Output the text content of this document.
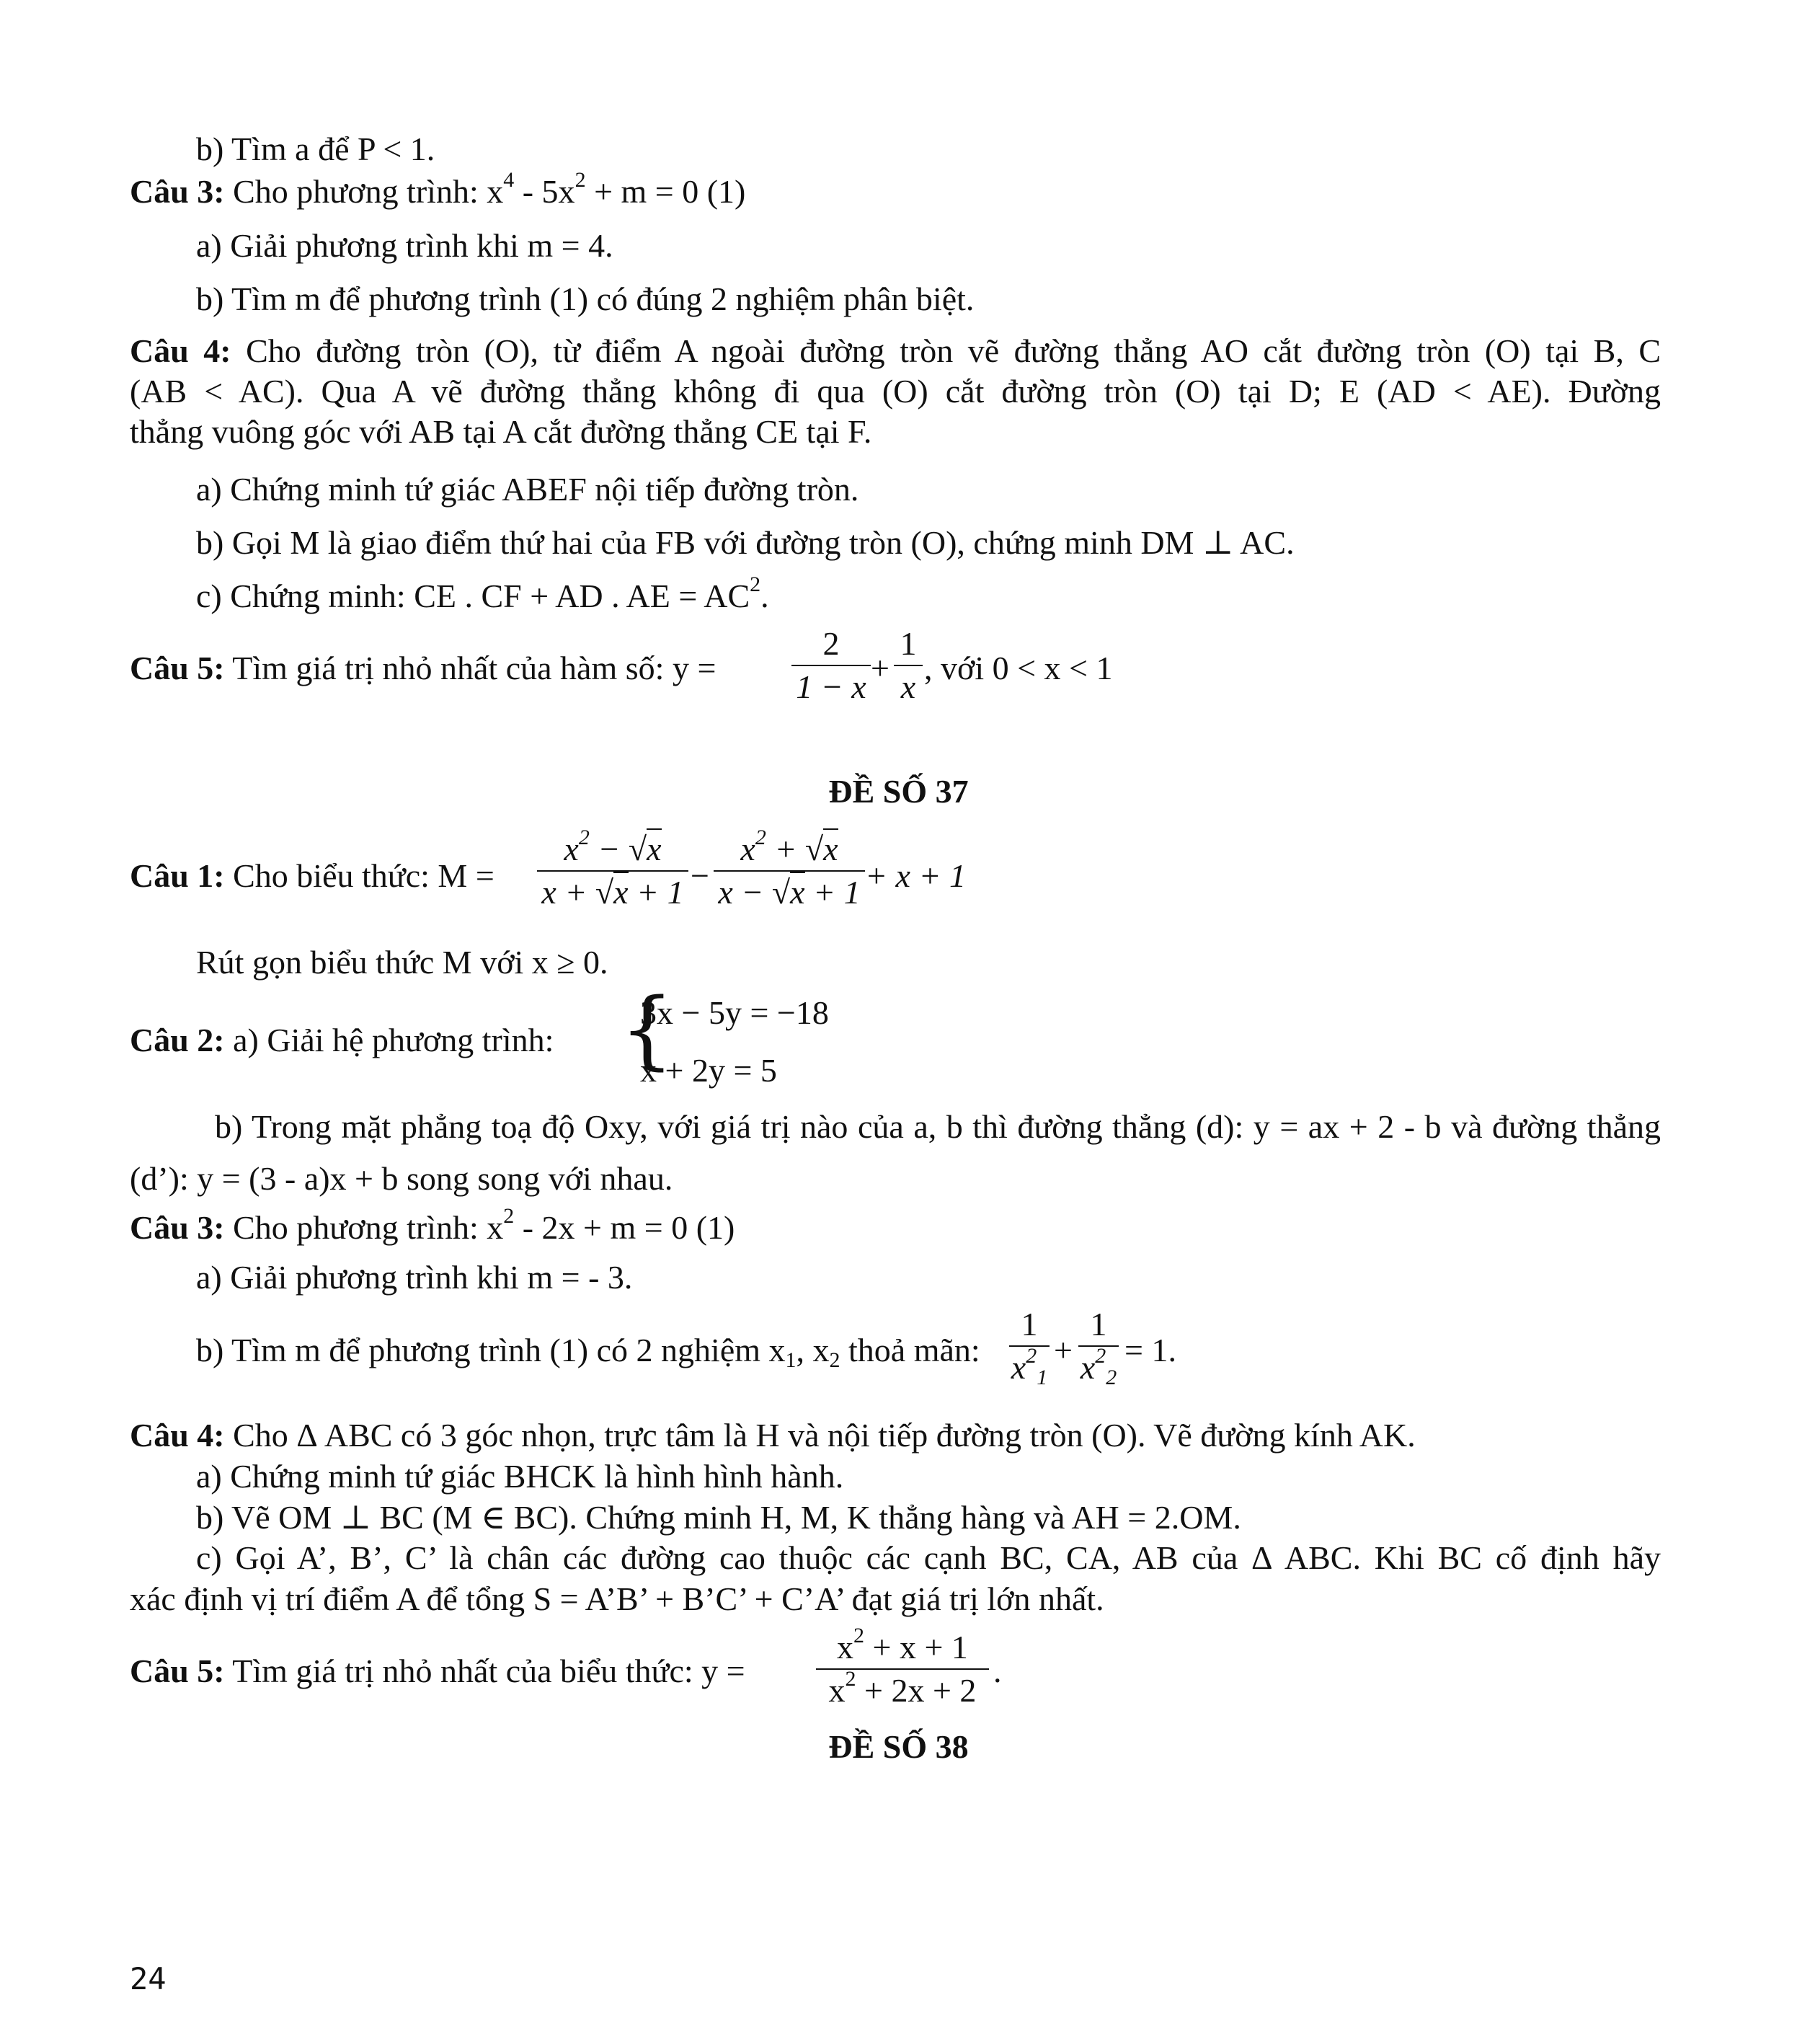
b) Tìm a để P < 1.
Câu 3: Cho phương trình: $x^4 - 5x^2 + m = 0$ (1)
a) Giải phương trình khi m = 4.
b) Tìm m để phương trình (1) có đúng 2 nghiệm phân biệt.
Câu 4: Cho đường tròn (O), từ điểm A ngoài đường tròn vẽ đường thẳng AO cắt đường tròn (O) tại B, C
(AB < AC). Qua A vẽ đường thẳng không đi qua (O) cắt đường tròn (O) tại D; E (AD < AE). Đường
thẳng vuông góc với AB tại A cắt đường thẳng CE tại F.
a) Chứng minh tứ giác ABEF nội tiếp đường tròn.
b) Gọi M là giao điểm thứ hai của FB với đường tròn (O), chứng minh DM ⊥ AC.
c) Chứng minh: CE . CF + AD . AE = $AC^2$.
Câu 5: Tìm giá trị nhỏ nhất của hàm số: y =
2
1 − x
+
1
x
, với 0 < x < 1
ĐỀ SỐ 37
Câu 1: Cho biểu thức: M =
$x^2 - √x$
x + √x + 1 −
$x^2 + √x$
x − √x + 1 + x + 1
Rút gọn biểu thức M với x ≥ 0.
Câu 2: a) Giải hệ phương trình: {
3x − 5y = −18
x + 2y = 5
b) Trong mặt phẳng toạ độ Oxy, với giá trị nào của a, b thì đường thẳng (d): y = ax + 2 - b và đường thẳng
(d’): y = (3 - a)x + b song song với nhau.
Câu 3: Cho phương trình: $x^2 - 2x + m = 0$ (1)
a) Giải phương trình khi m = - 3.
b) Tìm m để phương trình (1) có 2 nghiệm $x_1$, $x_2$ thoả mãn:
1
$x^2_1$
+
1
$x^2_2$
= 1.
Câu 4: Cho Δ ABC có 3 góc nhọn, trực tâm là H và nội tiếp đường tròn (O). Vẽ đường kính AK.
a) Chứng minh tứ giác BHCK là hình hình hành.
b) Vẽ OM ⊥ BC (M ∈ BC). Chứng minh H, M, K thẳng hàng và AH = 2.OM.
c) Gọi A’, B’, C’ là chân các đường cao thuộc các cạnh BC, CA, AB của Δ ABC. Khi BC cố định hãy
xác định vị trí điểm A để tổng S = A’B’ + B’C’ + C’A’ đạt giá trị lớn nhất.
Câu 5: Tìm giá trị nhỏ nhất của biểu thức: y =
$x^2 + x + 1$
$x^2 + 2x + 2$
.
ĐỀ SỐ 38
24
